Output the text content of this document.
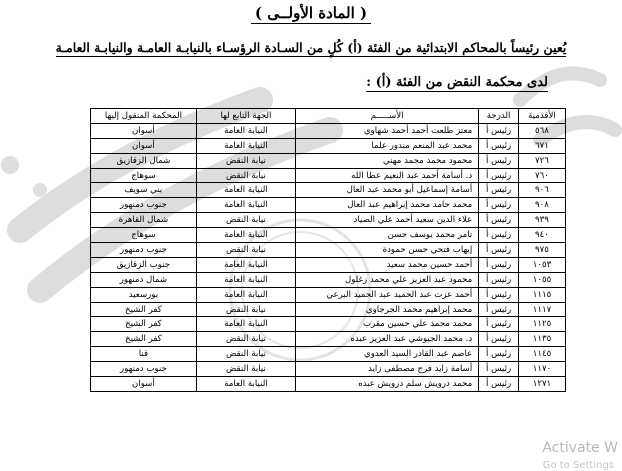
( المادة الأولــى )
يُعين رئيساً بالمحاكم الابتدائية من الفئة (أ) كُلٍ من السـادة الرؤسـاء بالنيابـة العامـة والنيابـة العامـة
لدى محكمة النقض من الفئة (أ) :
الأقدمية	الدرجة	الأســـــم	الجهة التابع لها	المحكمة المنقول إليها
٥٦٨	رئيس أ	معتز طلعت أحمد أحمد شهاوي	النيابة العامة	أسوان
٦٧١	رئيس أ	محمد عبد المنعم مندور علما	النيابة العامة	أسوان
٧٢٦	رئيس أ	محمود محمد محمد مهني	نيابة النقض	شمال الزقازيق
٧٦٠	رئيس أ	د. أسامة أحمد عبد النعيم عطا الله	نيابة النقض	سوهاج
٩٠٦	رئيس أ	أسامة إسماعيل أبو محمد عبد العال	النيابة العامة	بني سويف
٩٠٨	رئيس أ	محمد حامد محمد إبراهيم عبد العال	النيابة العامة	جنوب دمنهور
٩٣٩	رئيس أ	علاء الدين سعيد أحمد علي الصياد	نيابة النقض	شمال القاهرة
٩٤٠	رئيس أ	تامر محمد يوسف حسن	النيابة العامة	سوهاج
٩٧٥	رئيس أ	إيهاب فتحي حسن حمودة	نيابة النقض	جنوب دمنهور
١٠٥٣	رئيس أ	أحمد حسين محمد سعيد	النيابة العامة	جنوب الزقازيق
١٠٥٥	رئيس أ	محمود عبد العزيز علي محمد زغلول	النيابة العامة	شمال دمنهور
١١١٥	رئيس أ	أحمد عزت عبد الحميد عبد الحميد البرعي	النيابة العامة	بورسعيد
١١١٧	رئيس أ	محمد إبراهيم محمد الجرجاوي	نيابة النقض	كفر الشيخ
١١٢٥	رئيس أ	محمد محمد علي حسين مقرب	النيابة العامة	كفر الشيخ
١١٣٥	رئيس أ	د. محمد الجيوشي عبد العزيز عبده	نيابة النقض	كفر الشيخ
١١٤٥	رئيس أ	عاصم عبد القادر السيد العدوي	نيابة النقض	قنا
١١٧٠	رئيس أ	أسامة زايد فرج مصطفى زايد	نيابة النقض	جنوب دمنهور
١٢٧١	رئيس أ	محمد درويش سلم درويش عبده	النيابة العامة	أسوان
Activate W
Go to Settings
